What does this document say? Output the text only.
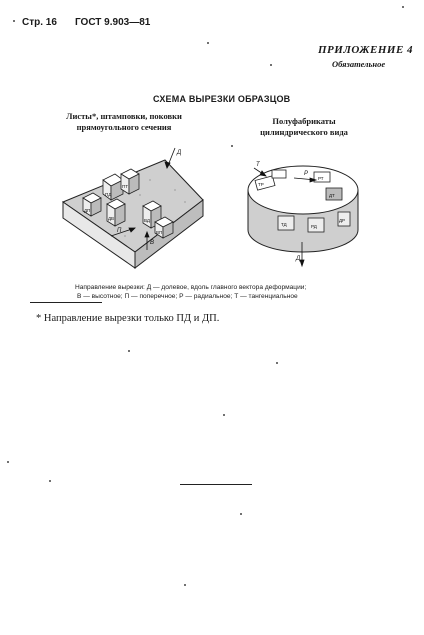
Стр. 16 ГОСТ 9.903—81
ПРИЛОЖЕНИЕ 4
Обязательное
СХЕМА ВЫРЕЗКИ ОБРАЗЦОВ
Листы*, штамповки, поковки
прямоугольного сечения
Полуфабрикаты
цилиндрического вида
ПД
ПТ
ДП
ДВ	ВД
ВП
Д
П
В
ТР
РТ
ДТ
ТД	РД
ДР
Т
Р
Д
Направление вырезки: Д — долевое, вдоль главного вектора деформации;
В — высотное; П — поперечное; Р — радиальное; Т — тангенциальное
* Направление вырезки только ПД и ДП.
